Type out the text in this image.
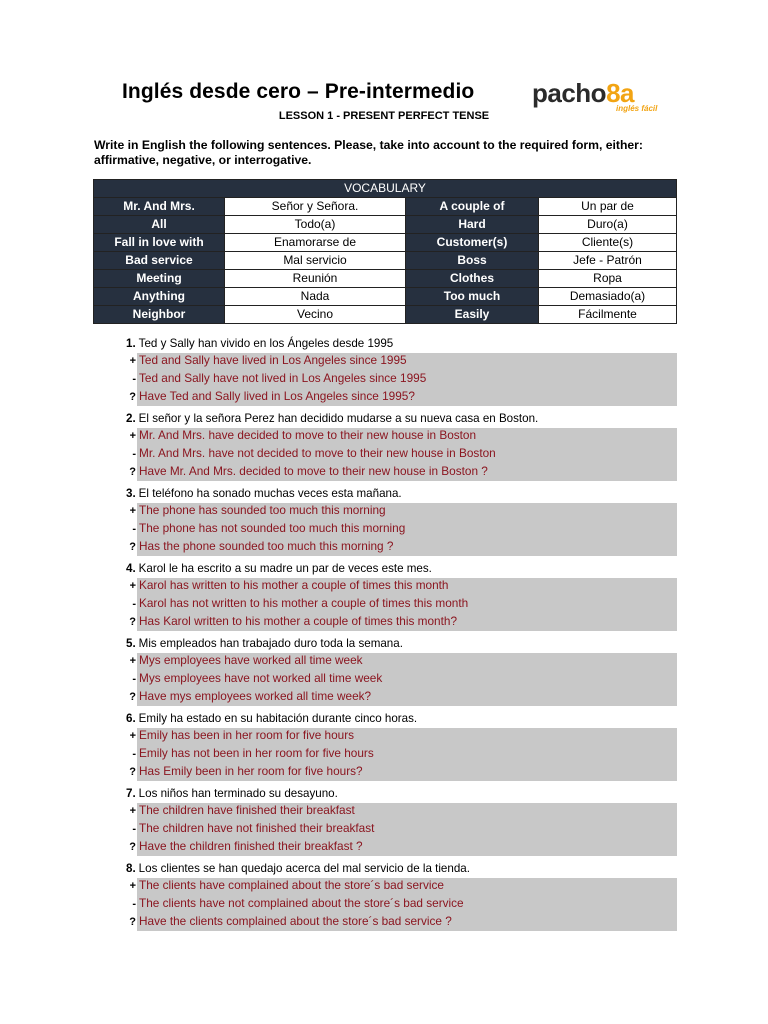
Inglés desde cero – Pre-intermedio pacho8a
inglés fácil
LESSON 1 - PRESENT PERFECT TENSE
Write in English the following sentences. Please, take into account to the required form, either: affirmative, negative, or interrogative.
VOCABULARY			
Mr. And Mrs.	Señor y Señora.	A couple of	Un par de
All	Todo(a)	Hard	Duro(a)
Fall in love with	Enamorarse de	Customer(s)	Cliente(s)
Bad service	Mal servicio	Boss	Jefe - Patrón
Meeting	Reunión	Clothes	Ropa
Anything	Nada	Too much	Demasiado(a)
Neighbor	Vecino	Easily	Fácilmente
1. Ted y Sally han vivido en los Ángeles desde 1995
+ Ted and Sally have lived in Los Angeles since 1995
- Ted and Sally have not lived in Los Angeles since 1995
? Have Ted and Sally lived in Los Angeles since 1995?
2. El señor y la señora Perez han decidido mudarse a su nueva casa en Boston.
+ Mr. And Mrs. have decided to move to their new house in Boston
- Mr. And Mrs. have not decided to move to their new house in Boston
? Have Mr. And Mrs. decided to move to their new house in Boston ?
3. El teléfono ha sonado muchas veces esta mañana.
+ The phone has sounded too much this morning
- The phone has not sounded too much this morning
? Has the phone sounded too much this morning ?
4. Karol le ha escrito a su madre un par de veces este mes.
+ Karol has written to his mother a couple of times this month
- Karol has not written to his mother a couple of times this month
? Has Karol written to his mother a couple of times this month?
5. Mis empleados han trabajado duro toda la semana.
+ Mys employees have worked all time week
- Mys employees have not worked all time week
? Have mys employees worked all time week?
6. Emily ha estado en su habitación durante cinco horas.
+ Emily has been in her room for five hours
- Emily has not been in her room for five hours
? Has Emily been in her room for five hours?
7. Los niños han terminado su desayuno.
+ The children have finished their breakfast
- The children have not finished their breakfast
? Have the children finished their breakfast ?
8. Los clientes se han quedajo acerca del mal servicio de la tienda.
+ The clients have complained about the store´s bad service
- The clients have not complained about the store´s bad service
? Have the clients complained about the store´s bad service ?
